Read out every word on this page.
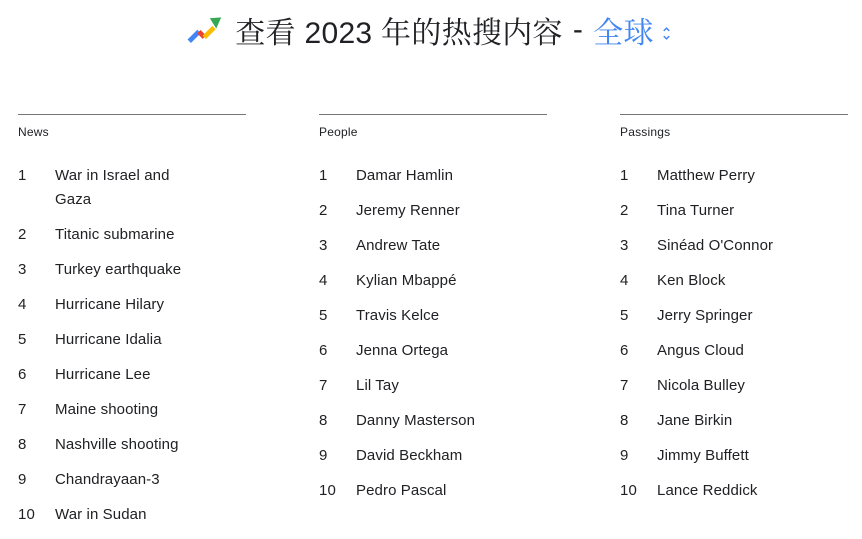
查看 2023 年的热搜内容 - 全球
News
1	War in Israel and Gaza
2	Titanic submarine
3	Turkey earthquake
4	Hurricane Hilary
5	Hurricane Idalia
6	Hurricane Lee
7	Maine shooting
8	Nashville shooting
9	Chandrayaan-3
10	War in Sudan
People
1	Damar Hamlin
2	Jeremy Renner
3	Andrew Tate
4	Kylian Mbappé
5	Travis Kelce
6	Jenna Ortega
7	Lil Tay
8	Danny Masterson
9	David Beckham
10	Pedro Pascal
Passings
1	Matthew Perry
2	Tina Turner
3	Sinéad O'Connor
4	Ken Block
5	Jerry Springer
6	Angus Cloud
7	Nicola Bulley
8	Jane Birkin
9	Jimmy Buffett
10	Lance Reddick
